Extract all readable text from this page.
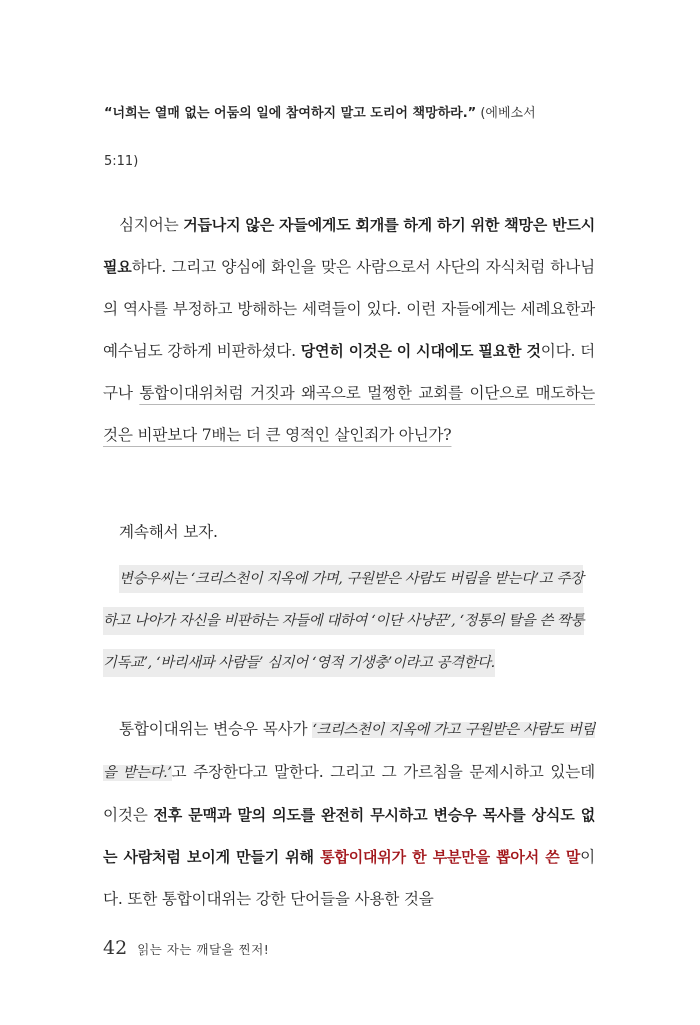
“너희는 열매 없는 어둠의 일에 참여하지 말고 도리어 책망하라.” (에베소서
5:11)
심지어는 거듭나지 않은 자들에게도 회개를 하게 하기 위한 책망은 반드시 필요하다. 그리고 양심에 화인을 맞은 사람으로서 사단의 자식처럼 하나님의 역사를 부정하고 방해하는 세력들이 있다. 이런 자들에게는 세례요한과 예수님도 강하게 비판하셨다. 당연히 이것은 이 시대에도 필요한 것이다. 더구나 통합이대위처럼 거짓과 왜곡으로 멀쩡한 교회를 이단으로 매도하는 것은 비판보다 7배는 더 큰 영적인 살인죄가 아닌가?
계속해서 보자.
변승우씨는 ‘크리스천이 지옥에 가며, 구원받은 사람도 버림을 받는다’고 주장하고 나아가 자신을 비판하는 자들에 대하여 ‘이단 사냥꾼’, ‘정통의 탈을 쓴 짝퉁 기독교’, ‘바리새파 사람들’ 심지어 ‘영적 기생충’이라고 공격한다.
통합이대위는 변승우 목사가 ‘크리스천이 지옥에 가고 구원받은 사람도 버림을 받는다.’고 주장한다고 말한다. 그리고 그 가르침을 문제시하고 있는데 이것은 전후 문맥과 말의 의도를 완전히 무시하고 변승우 목사를 상식도 없는 사람처럼 보이게 만들기 위해 통합이대위가 한 부분만을 뽑아서 쓴 말이다. 또한 통합이대위는 강한 단어들을 사용한 것을
42 읽는 자는 깨달을 찐저!
